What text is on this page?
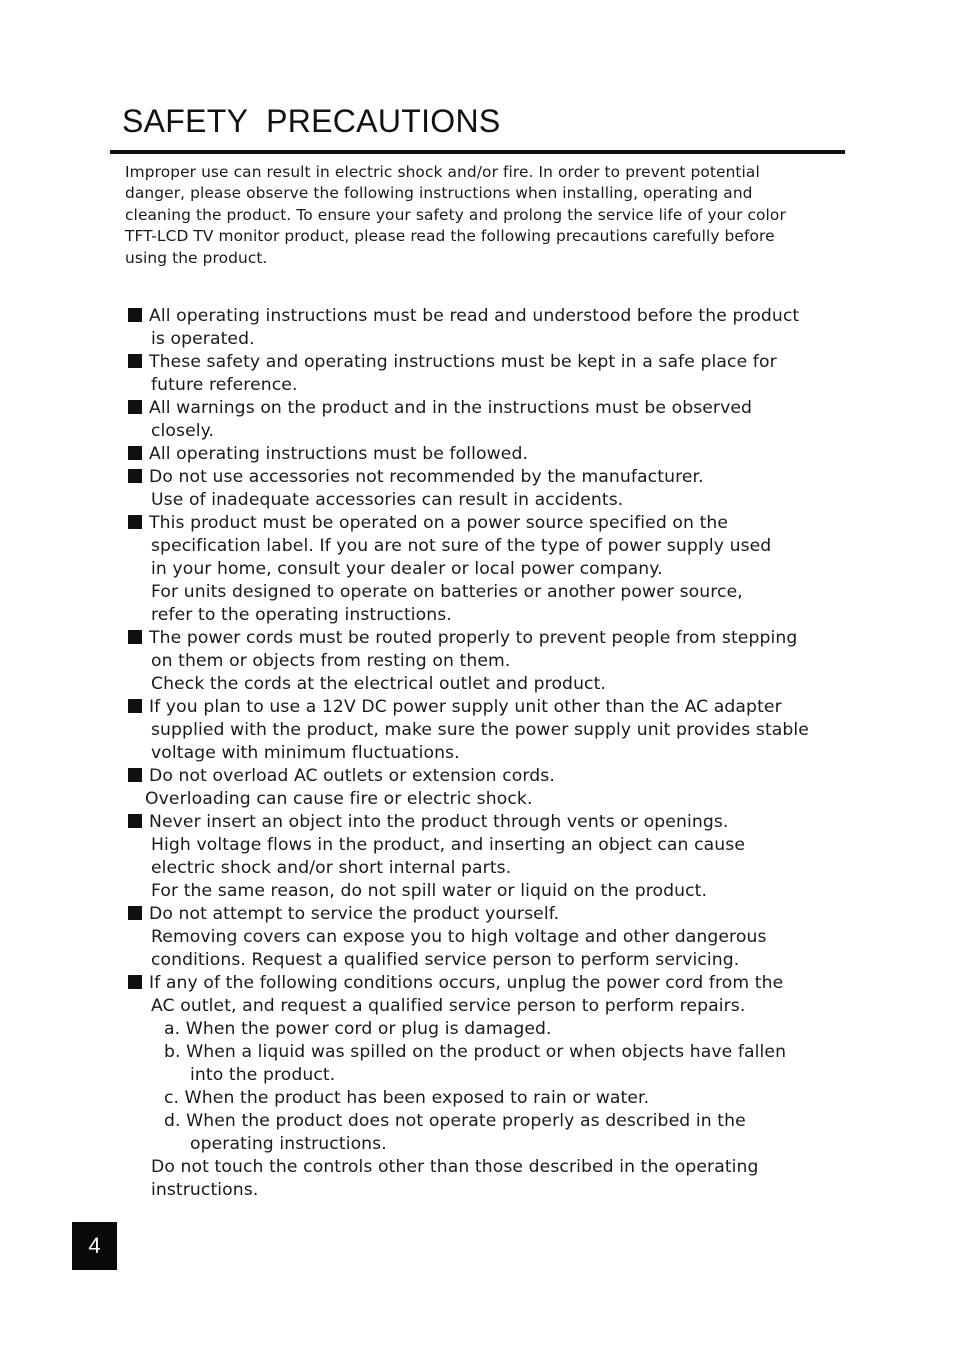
SAFETY  PRECAUTIONS
Improper use can result in electric shock and/or fire. In order to prevent potential
danger, please observe the following instructions when installing, operating and
cleaning the product. To ensure your safety and prolong the service life of your color
TFT-LCD TV monitor product, please read the following precautions carefully before
using the product.
All operating instructions must be read and understood before the product
is operated.
These safety and operating instructions must be kept in a safe place for
future reference.
All warnings on the product and in the instructions must be observed
closely.
All operating instructions must be followed.
Do not use accessories not recommended by the manufacturer.
Use of inadequate accessories can result in accidents.
This product must be operated on a power source specified on the
specification label. If you are not sure of the type of power supply used
in your home, consult your dealer or local power company.
For units designed to operate on batteries or another power source,
refer to the operating instructions.
The power cords must be routed properly to prevent people from stepping
on them or objects from resting on them.
Check the cords at the electrical outlet and product.
If you plan to use a 12V DC power supply unit other than the AC adapter
supplied with the product, make sure the power supply unit provides stable
voltage with minimum fluctuations.
Do not overload AC outlets or extension cords.
Overloading can cause fire or electric shock.
Never insert an object into the product through vents or openings.
High voltage flows in the product, and inserting an object can cause
electric shock and/or short internal parts.
For the same reason, do not spill water or liquid on the product.
Do not attempt to service the product yourself.
Removing covers can expose you to high voltage and other dangerous
conditions. Request a qualified service person to perform servicing.
If any of the following conditions occurs, unplug the power cord from the
AC outlet, and request a qualified service person to perform repairs.
a. When the power cord or plug is damaged.
b. When a liquid was spilled on the product or when objects have fallen
into the product.
c. When the product has been exposed to rain or water.
d. When the product does not operate properly as described in the
operating instructions.
Do not touch the controls other than those described in the operating
instructions.
4
